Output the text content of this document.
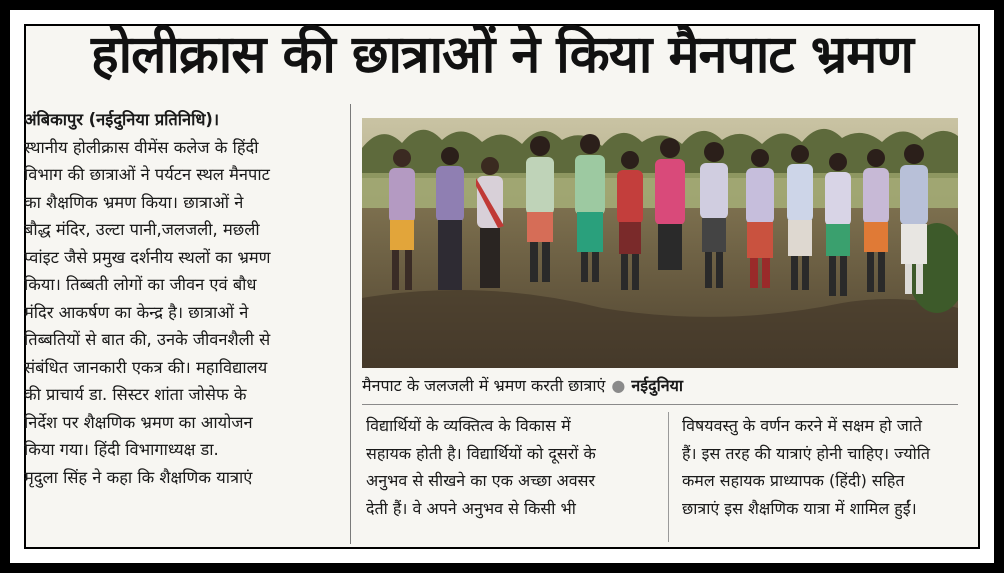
होलीक्रास की छात्राओं ने किया मैनपाट भ्रमण
अंबिकापुर (नईदुनिया प्रतिनिधि)।
स्थानीय होलीक्रास वीमेंस कलेज के हिंदी
विभाग की छात्राओं ने पर्यटन स्थल मैनपाट
का शैक्षणिक भ्रमण किया। छात्राओं ने
बौद्ध मंदिर, उल्टा पानी,जलजली, मछली
प्वांइट जैसे प्रमुख दर्शनीय स्थलों का भ्रमण
किया। तिब्बती लोगों का जीवन एवं बौध
मंदिर आकर्षण का केन्द्र है। छात्राओं ने
तिब्बतियों से बात की, उनके जीवनशैली से
संबंधित जानकारी एकत्र की। महाविद्यालय
की प्राचार्य डा. सिस्टर शांता जोसेफ के
निर्देश पर शैक्षणिक भ्रमण का आयोजन
किया गया। हिंदी विभागाध्यक्ष डा.
मृदुला सिंह ने कहा कि शैक्षणिक यात्राएं
मैनपाट के जलजली में भ्रमण करती छात्राएं ● नईदुनिया
विद्यार्थियों के व्यक्तित्व के विकास में
सहायक होती है। विद्यार्थियों को दूसरों के
अनुभव से सीखने का एक अच्छा अवसर
देती हैं। वे अपने अनुभव से किसी भी
विषयवस्तु के वर्णन करने में सक्षम हो जाते
हैं। इस तरह की यात्राएं होनी चाहिए। ज्योति
कमल सहायक प्राध्यापक (हिंदी) सहित
छात्राएं इस शैक्षणिक यात्रा में शामिल हुईं।
